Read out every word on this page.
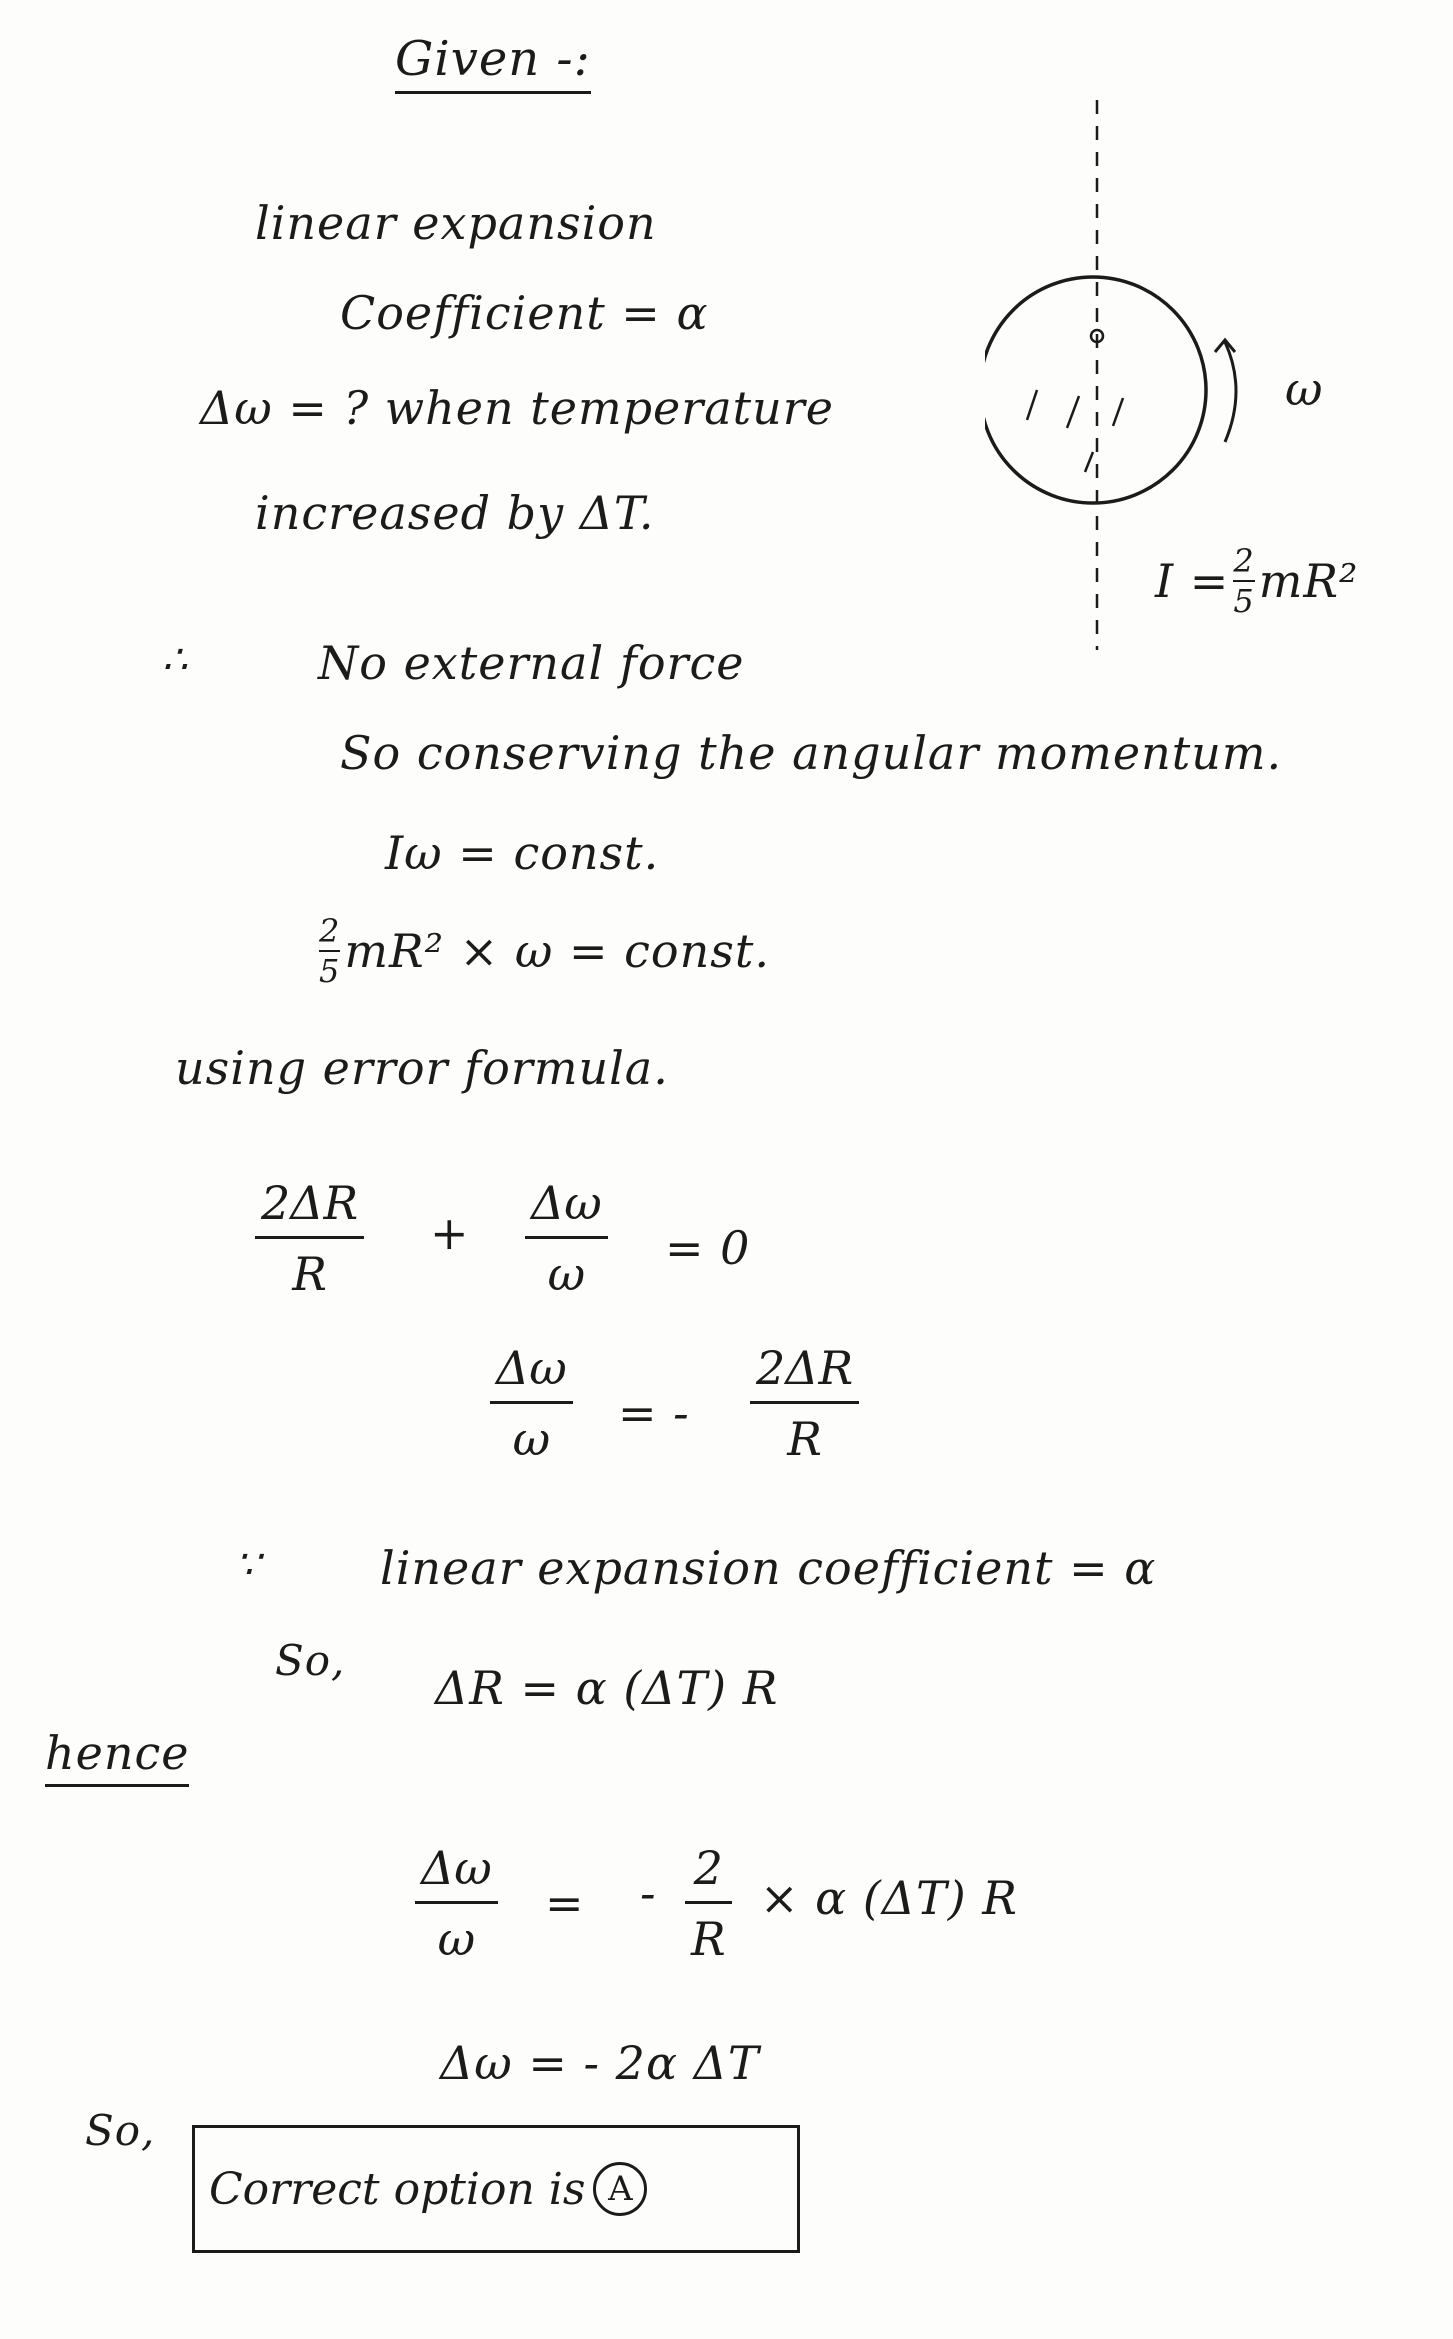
Given -:
linear expansion
Coefficient = α
Δω = ? when temperature
increased by ΔT.
ω
$I = \frac{2}{5} mR^2$
∴	No external force
So conserving the angular momentum.
Iω = const.
$\frac{2}{5} mR^2 \times \omega$ = const.
using error formula.
2ΔR
R
+
Δω
ω = 0
Δω
ω = -
2ΔR
R
∵	linear expansion coefficient = α
So,
ΔR = α (ΔT) R
hence
Δω
ω
= - 2
R
× α (ΔT) R
Δω = - 2α ΔT
So,
Correct option is A
